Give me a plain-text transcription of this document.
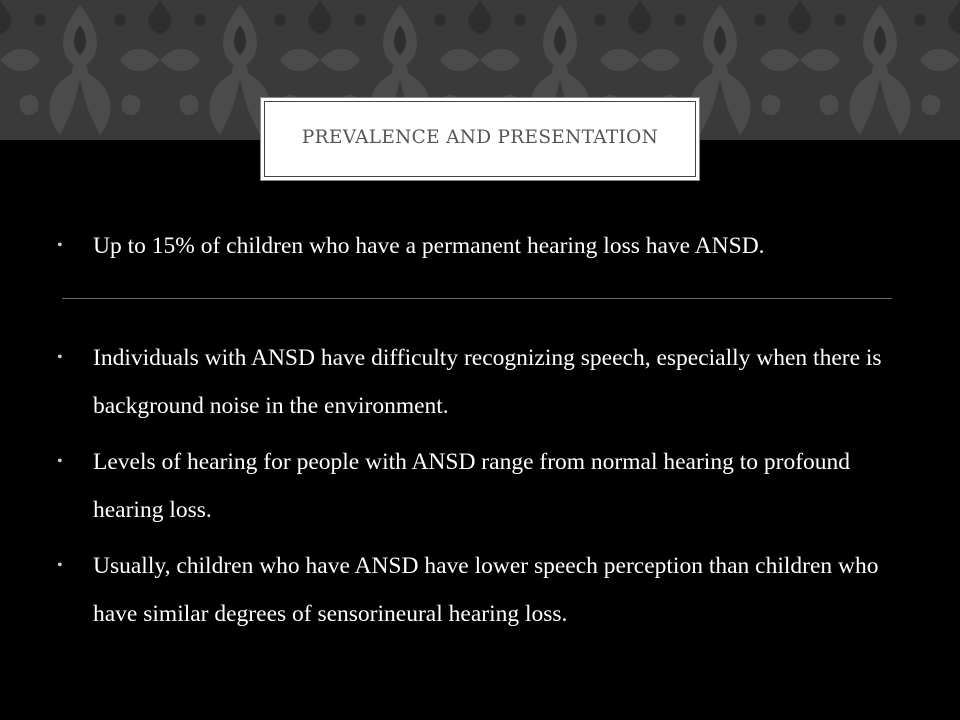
PREVALENCE AND PRESENTATION
• Up to 15% of children who have a permanent hearing loss have ANSD.
• Individuals with ANSD have difficulty recognizing speech, especially when there is background noise in the environment.
• Levels of hearing for people with ANSD range from normal hearing to profound hearing loss.
• Usually, children who have ANSD have lower speech perception than children who have similar degrees of sensorineural hearing loss.
